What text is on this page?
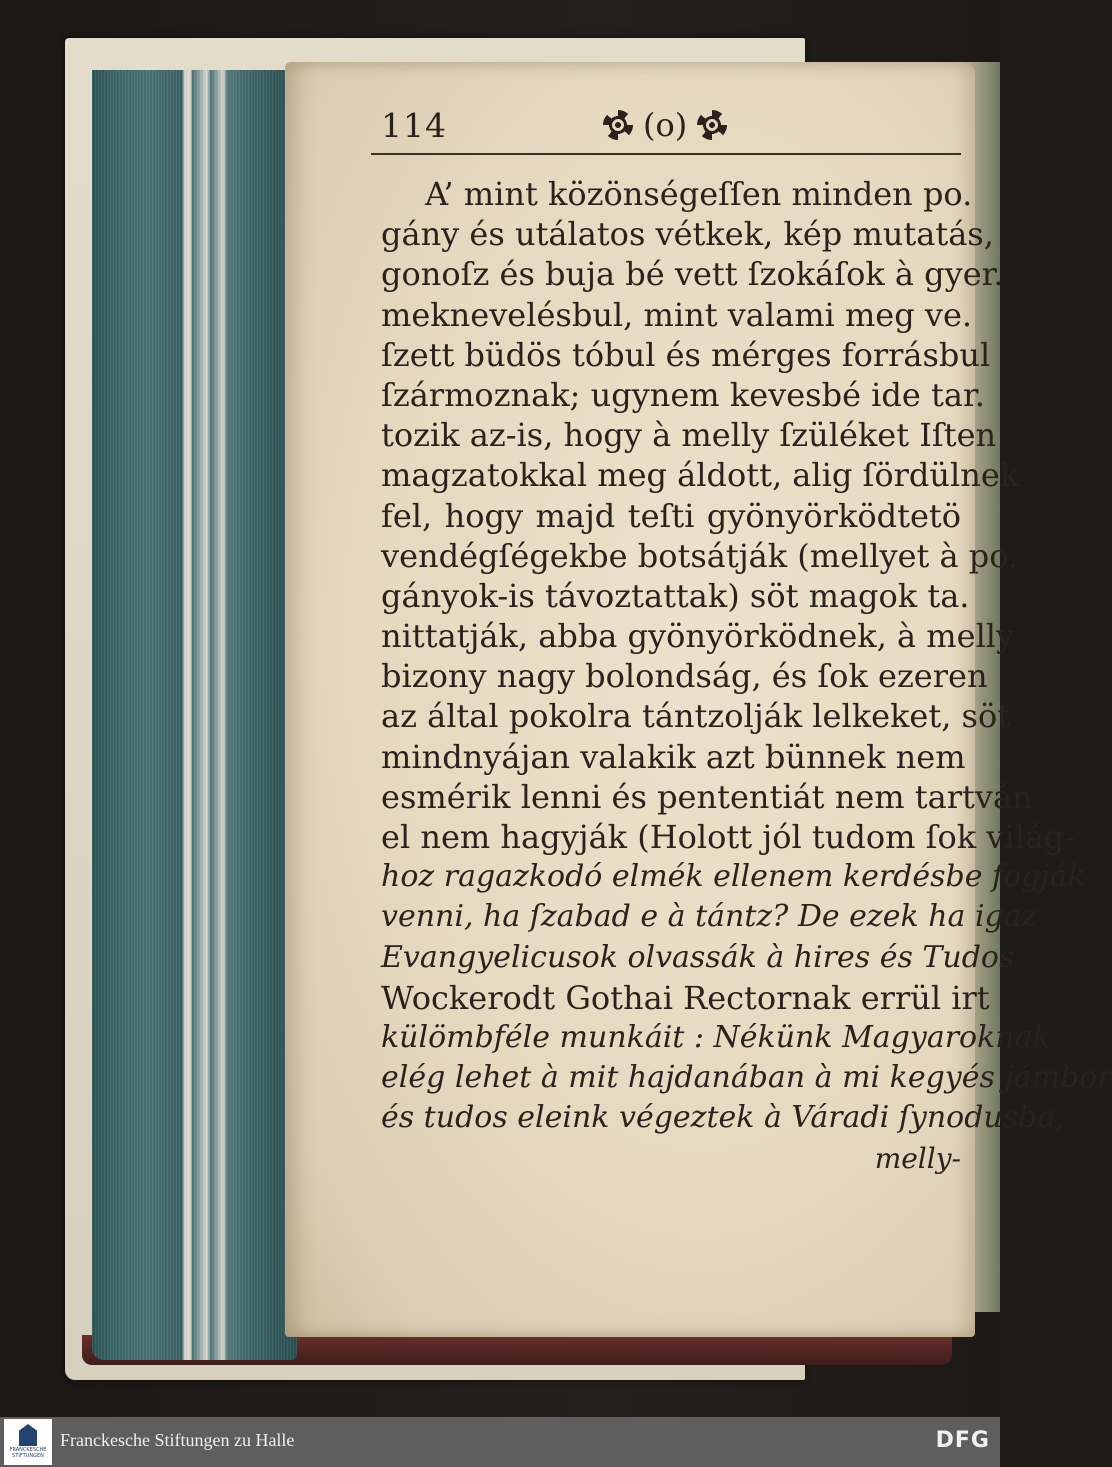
114	(o)
A’ mint közönségeſſen minden po.
gány és utálatos vétkek, kép mutatás,
gonoſz és buja bé vett ſzokáſok à gyer.
meknevelésbul, mint valami meg ve.
ſzett büdös tóbul és mérges forrásbul
ſzármoznak; ugynem kevesbé ide tar.
tozik az-is, hogy à melly ſzüléket Iſten
magzatokkal meg áldott, alig ſördülnek
fel, hogy majd teſti gyönyörködtetö
vendégſégekbe botsátják (mellyet à po.
gányok-is távoztattak) söt magok ta.
nittatják, abba gyönyörködnek, à melly
bizony nagy bolondság, és ſok ezeren
az által pokolra tántzolják lelkeket, söt
mindnyájan valakik azt bünnek nem
esmérik lenni és pententiát nem tartván
el nem hagyják (Holott jól tudom ſok világ-
hoz ragazkodó elmék ellenem kerdésbe fogják
venni, ha ſzabad e à tántz? De ezek ha igaz
Evangyelicusok olvassák à hires és Tudos
Wockerodt Gothai Rectornak errül irt
külömbféle munkáit : Nékünk Magyaroknak
elég lehet à mit hajdanában à mi kegyés jámbor
és tudos eleink végeztek à Váradi ſynodusba,
melly-
FRANCKESCHE STIFTUNGEN
Franckesche Stiftungen zu Halle	DFG
